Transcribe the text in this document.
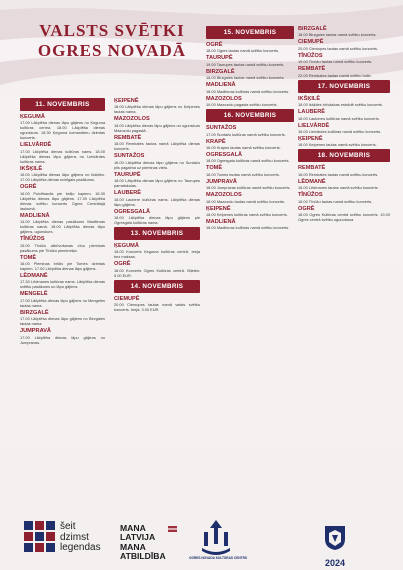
VALSTS SVĒTKI
OGRES NOVADĀ
11. NOVEMBRIS
ĶEGUMĀ
17.00 Lāčplēša dienas lāpu gājiens no Ķeguma kultūras centra. 18.00 Lāčplēša dienas ugunskurs. 18.30 Ķeguma komandieru dzimtas koncerts.
LIELVĀRDĒ
17.00 Lāčplēša dienas kultūras nams. 18.00 Lāčplēša dienas lāpu gājiens no Lielvārdes kultūras nama.
IKŠĶILĒ
16.00 Lāčplēša dienas lāpu gājiens no Ikšķiles. 17.00 Lāčplēša dienas svinīgais pasākums.
OGRĒ
16.00 Pulcēšanās pie brāļu kapiem. 16.30 Lāčplēša dienas lāpu gājiens. 17.00 Lāčplēša dienas svētku koncerts Ogres Centrālajā laukumā.
MADLIENĀ
14.00 Lāčplēša dienas pasākums Madlienas kultūras namā. 18.00 Lāčplēša dienas lāpu gājiens, ugunskurs.
TĪNŪŽOS
15.00 Tīnūžu atbrīvošanas cīņu piemiņas pasākums pie Tīnūžu pieminekļa.
TOMĒ
16.00 Piemiņas brīdis pie Tomes dzimtas kapiem. 17.00 Lāčplēša dienas lāpu gājiens.
LĒDMANĒ
17.30 Lēdmanes kultūras nams. Lāčplēša dienas svētku pasākums un lāpu gājiens.
MENGELĒ
17.00 Lāčplēša dienas lāpu gājiens no Mengeles tautas nama.
BIRZGALĒ
17.00 Lāčplēša dienas lāpu gājiens no Birzgales tautas nama.
JUMPRAVĀ
17.00 Lāčplēša dienas lāpu gājiens no Jumpravas.
ĶEIPENĒ
18.00 Lāčplēša dienas lāpu gājiens no Ķeipenes tautas nama.
MAZOZOLOS
18.00 Lāčplēša dienas lāpu gājiens un ugunskurs Mazozolu pagastā.
REMBATĒ
18.00 Rembates tautas namā Lāčplēša dienas koncerts.
SUNTAŽOS
16.00 Lāčplēša dienas lāpu gājiens no Suntažu pils pagalma uz piemiņas vietu.
TAURUPĒ
18.00 Lāčplēša dienas lāpu gājiens no Taurupes pamatskolas.
LAUBERĒ
18.00 Laubere kultūras nams. Lāčplēša dienas lāpu gājiens.
OGRESGALĀ
18.00 Lāčplēša dienas lāpu gājiens pie Ogresgala kultūras nama.
13. NOVEMBRIS
ĶEGUMĀ
18.00 Koncerts Ķeguma kultūras centrā. Ieeja bez maksas.
OGRĒ
18.00 Koncerts Ogres Kultūras centrā. Biļetes: 5.00 EUR.
14. NOVEMBRIS
CIEMUPĒ
20.00 Ciemupes tautas namā valsts svētku koncerts. Ieeja: 3.00 EUR.
15. NOVEMBRIS
OGRĒ
18.00 Ogres tautas namā svētku koncerts.
TAURUPĒ
19.00 Taurupes tautas namā svētku koncerts.
BIRZGALĒ
18.00 Birzgales tautas namā svētku koncerts.
MADLIENĀ
18.00 Madlienas kultūras namā svētku koncerts.
MAZOZOLOS
19.00 Mazozolu pagasta svētku koncerts.
16. NOVEMBRIS
SUNTAŽOS
17.00 Suntažu kultūras namā svētku koncerts.
KRAPĒ
16.00 Krapes tautas namā svētku koncerts.
OGRESGALĀ
18.00 Ogresgala kultūras namā svētku koncerts.
TOMĒ
18.00 Tomes tautas namā svētku koncerts.
JUMPRAVĀ
18.00 Jumpravas kultūras namā svētku koncerts.
MAZOZOLOS
18.00 Mazozolu tautas namā svētku koncerts.
ĶEIPENĒ
18.00 Ķeipenes kultūras namā svētku koncerts.
MADLIENĀ
18.00 Madlienas kultūras namā svētku koncerts.
BIRZGALĒ
18.00 Birzgales tautas namā svētku koncerts.
CIEMUPĒ
20.00 Ciemupes tautas namā svētku koncerts.
TĪNŪŽOS
19.00 Tīnūžu tautas namā svētku koncerts.
REMBATĒ
22.00 Rembates tautas namā svētku balle.
17. NOVEMBRIS
IKŠĶILĒ
18.00 Ikšķiles brīvdabas estrādē svētku koncerts.
LAUBERĒ
18.00 Lauberes kultūras namā svētku koncerts.
LIELVĀRDĒ
16.00 Lielvārdes kultūras namā svētku koncerts.
ĶEIPENĒ
18.00 Ķeipenes tautas namā svētku koncerts.
18. NOVEMBRIS
REMBATĒ
16.00 Rembates tautas namā svētku koncerts.
LĒDMANĒ
16.00 Lēdmanes tautas namā svētku koncerts.
TĪNŪŽOS
16.00 Tīnūžu tautas namā svētku koncerts.
OGRĒ
18.00 Ogres Kultūras centrā svētku koncerts. 19.00 Ogres centrā svētku uguņošana.
šeit
dzimst
legendas
MANA
LATVIJA
MANA
ATBILDĪBA	OGRES NOVADA KULTŪRAS CENTRS	2024
